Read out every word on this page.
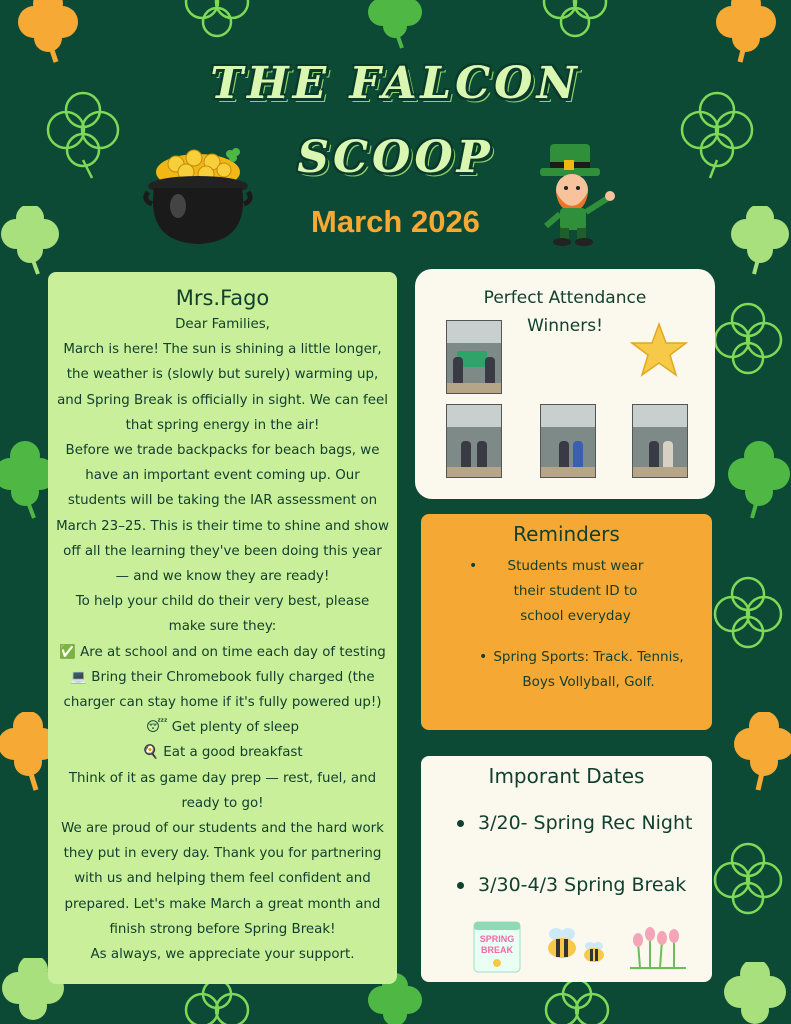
THE FALCON
SCOOP
March 2026
Mrs.Fago

Dear Families,

March is here! The sun is shining a little longer, the weather is (slowly but surely) warming up, and Spring Break is officially in sight. We can feel that spring energy in the air!

Before we trade backpacks for beach bags, we have an important event coming up. Our students will be taking the IAR assessment on March 23–25. This is their time to shine and show off all the learning they've been doing this year — and we know they are ready!

To help your child do their very best, please make sure they:

✅ Are at school and on time each day of testing

💻 Bring their Chromebook fully charged (the charger can stay home if it's fully powered up!)

😴 Get plenty of sleep

🍳 Eat a good breakfast

Think of it as game day prep — rest, fuel, and ready to go!

We are proud of our students and the hard work they put in every day. Thank you for partnering with us and helping them feel confident and prepared. Let's make March a great month and finish strong before Spring Break!

As always, we appreciate your support.

Perfect Attendance Winners!
Reminders
•	Students must wear their student ID to school everyday
• Spring Sports: Track. Tennis, Boys Vollyball, Golf.
Imporant Dates
3/20- Spring Rec Night
3/30-4/3 Spring Break
SPRING
BREAK
